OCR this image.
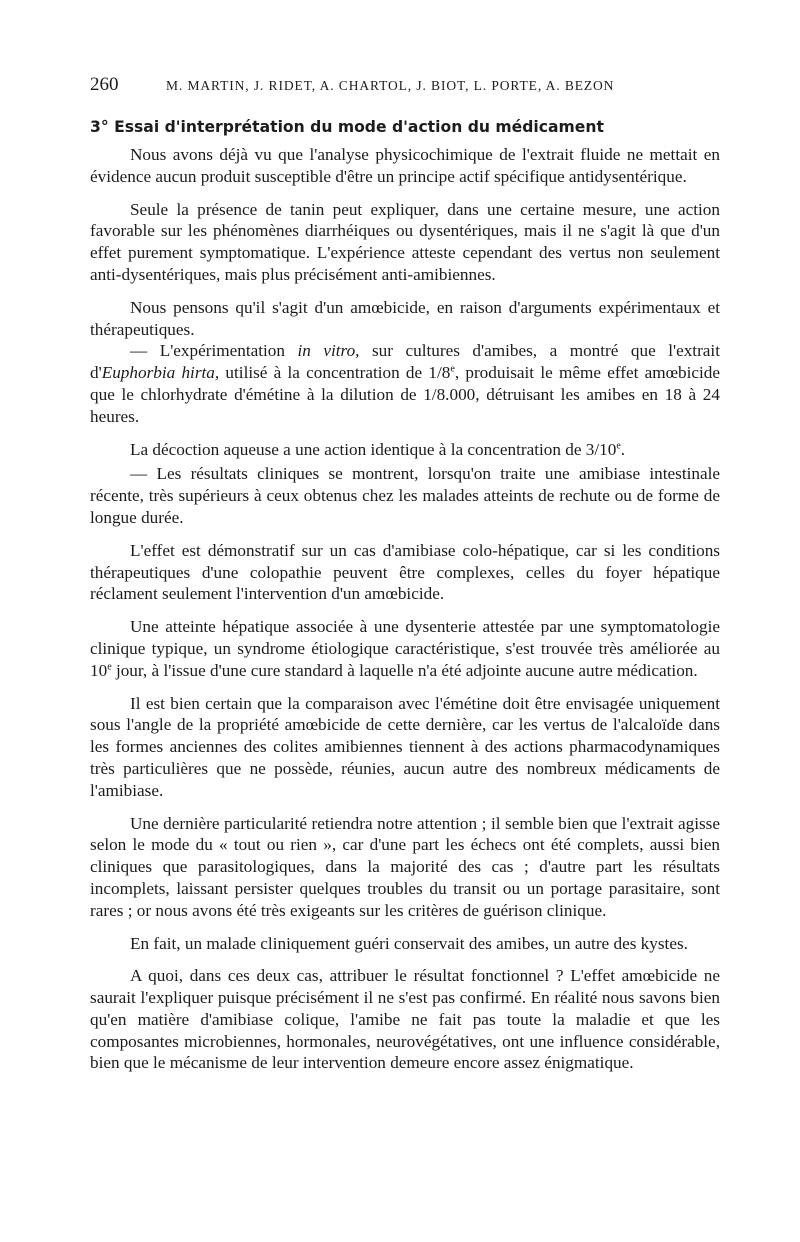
260	M. MARTIN, J. RIDET, A. CHARTOL, J. BIOT, L. PORTE, A. BEZON
3° Essai d'interprétation du mode d'action du médicament

Nous avons déjà vu que l'analyse physicochimique de l'extrait fluide ne mettait en évidence aucun produit susceptible d'être un principe actif spécifique antidysentérique.

Seule la présence de tanin peut expliquer, dans une certaine mesure, une action favorable sur les phénomènes diarrhéiques ou dysentériques, mais il ne s'agit là que d'un effet purement symptomatique. L'expérience atteste cependant des vertus non seulement anti-dysentériques, mais plus précisément anti-amibiennes.

Nous pensons qu'il s'agit d'un amœbicide, en raison d'arguments expérimentaux et thérapeutiques.

— L'expérimentation in vitro, sur cultures d'amibes, a montré que l'extrait d'Euphorbia hirta, utilisé à la concentration de 1/8e, produisait le même effet amœbicide que le chlorhydrate d'émétine à la dilution de 1/8.000, détruisant les amibes en 18 à 24 heures.

La décoction aqueuse a une action identique à la concentration de 3/10e.

— Les résultats cliniques se montrent, lorsqu'on traite une amibiase intestinale récente, très supérieurs à ceux obtenus chez les malades atteints de rechute ou de forme de longue durée.

L'effet est démonstratif sur un cas d'amibiase colo-hépatique, car si les conditions thérapeutiques d'une colopathie peuvent être complexes, celles du foyer hépatique réclament seulement l'intervention d'un amœbicide.

Une atteinte hépatique associée à une dysenterie attestée par une symptomatologie clinique typique, un syndrome étiologique caractéristique, s'est trouvée très améliorée au 10e jour, à l'issue d'une cure standard à laquelle n'a été adjointe aucune autre médication.

Il est bien certain que la comparaison avec l'émétine doit être envisagée uniquement sous l'angle de la propriété amœbicide de cette dernière, car les vertus de l'alcaloïde dans les formes anciennes des colites amibiennes tiennent à des actions pharmacodynamiques très particulières que ne possède, réunies, aucun autre des nombreux médicaments de l'amibiase.

Une dernière particularité retiendra notre attention ; il semble bien que l'extrait agisse selon le mode du « tout ou rien », car d'une part les échecs ont été complets, aussi bien cliniques que parasitologiques, dans la majorité des cas ; d'autre part les résultats incomplets, laissant persister quelques troubles du transit ou un portage parasitaire, sont rares ; or nous avons été très exigeants sur les critères de guérison clinique.

En fait, un malade cliniquement guéri conservait des amibes, un autre des kystes.

A quoi, dans ces deux cas, attribuer le résultat fonctionnel ? L'effet amœbicide ne saurait l'expliquer puisque précisément il ne s'est pas confirmé. En réalité nous savons bien qu'en matière d'amibiase colique, l'amibe ne fait pas toute la maladie et que les composantes microbiennes, hormonales, neurovégétatives, ont une influence considérable, bien que le mécanisme de leur intervention demeure encore assez énigmatique.
